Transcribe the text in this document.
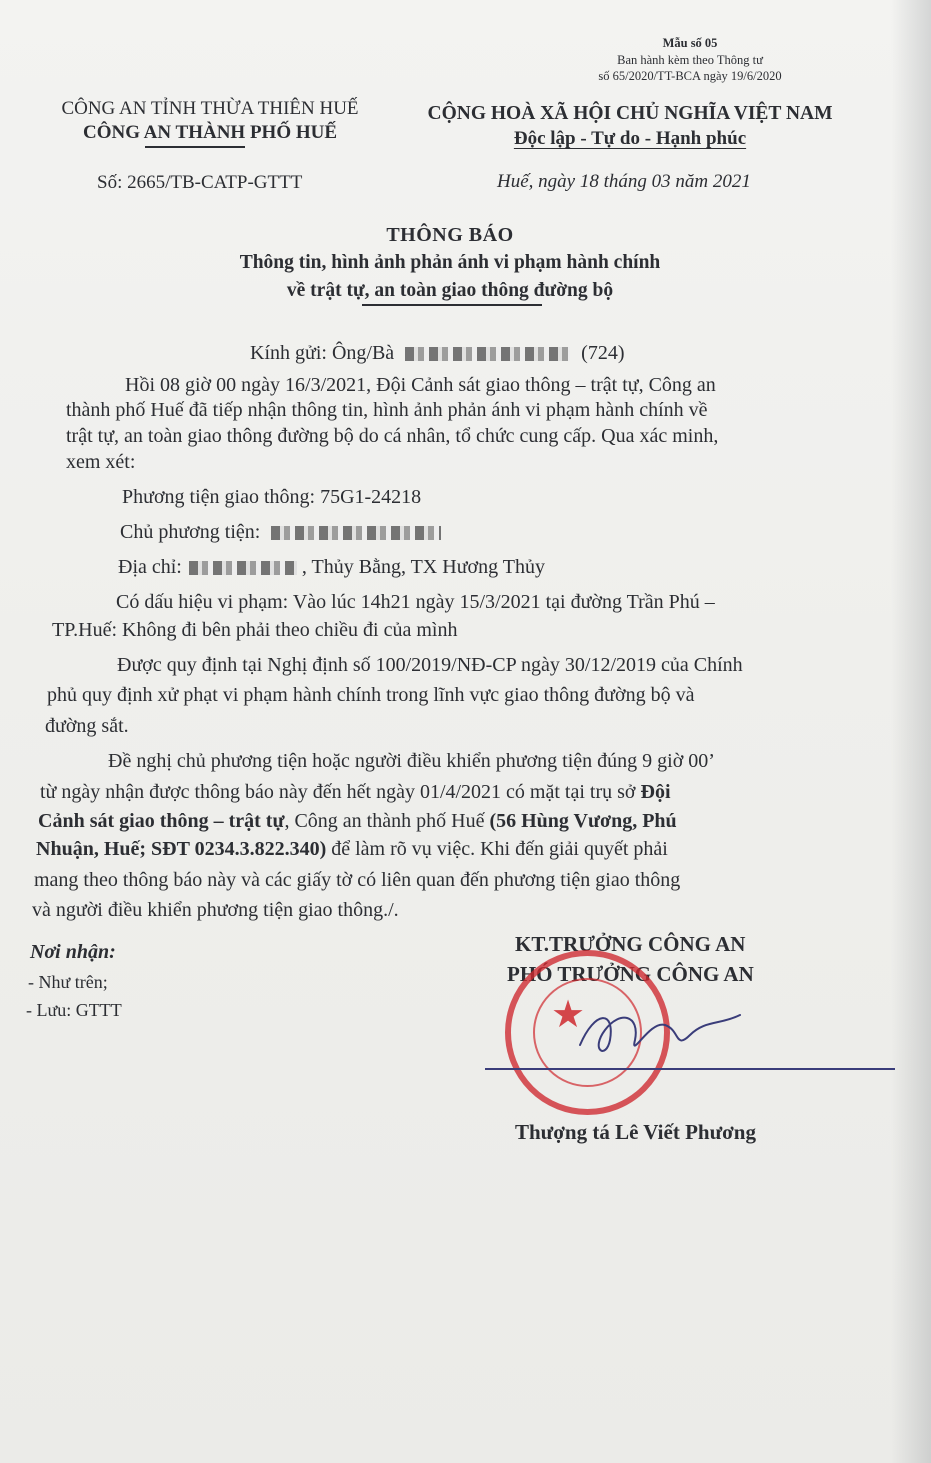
Mẫu số 05
Ban hành kèm theo Thông tư
số 65/2020/TT-BCA ngày 19/6/2020
CÔNG AN TỈNH THỪA THIÊN HUẾ
CÔNG AN THÀNH PHỐ HUẾ
Số: 2665/TB-CATP-GTTT
CỘNG HOÀ XÃ HỘI CHỦ NGHĨA VIỆT NAM
Độc lập - Tự do - Hạnh phúc
Huế, ngày 18 tháng 03 năm 2021
THÔNG BÁO
Thông tin, hình ảnh phản ánh vi phạm hành chính
về trật tự, an toàn giao thông đường bộ
Kính gửi: Ông/Bà	(724)
Hồi 08 giờ 00 ngày 16/3/2021, Đội Cảnh sát giao thông – trật tự, Công an
thành phố Huế đã tiếp nhận thông tin, hình ảnh phản ánh vi phạm hành chính về
trật tự, an toàn giao thông đường bộ do cá nhân, tổ chức cung cấp. Qua xác minh,
xem xét:
Phương tiện giao thông: 75G1-24218
Chủ phương tiện:
Địa chỉ:	, Thủy Bằng, TX Hương Thủy
Có dấu hiệu vi phạm: Vào lúc 14h21 ngày 15/3/2021 tại đường Trần Phú –
TP.Huế: Không đi bên phải theo chiều đi của mình
Được quy định tại Nghị định số 100/2019/NĐ-CP ngày 30/12/2019 của Chính
phủ quy định xử phạt vi phạm hành chính trong lĩnh vực giao thông đường bộ và
đường sắt.
Đề nghị chủ phương tiện hoặc người điều khiển phương tiện đúng 9 giờ 00’
từ ngày nhận được thông báo này đến hết ngày 01/4/2021 có mặt tại trụ sở Đội
Cảnh sát giao thông – trật tự, Công an thành phố Huế (56 Hùng Vương, Phú
Nhuận, Huế; SĐT 0234.3.822.340) để làm rõ vụ việc. Khi đến giải quyết phải
mang theo thông báo này và các giấy tờ có liên quan đến phương tiện giao thông
và người điều khiển phương tiện giao thông./.
Nơi nhận:
- Như trên;
- Lưu: GTTT
KT.TRƯỞNG CÔNG AN
PHÓ TRƯỞNG CÔNG AN
★
Thượng tá Lê Viết Phương
